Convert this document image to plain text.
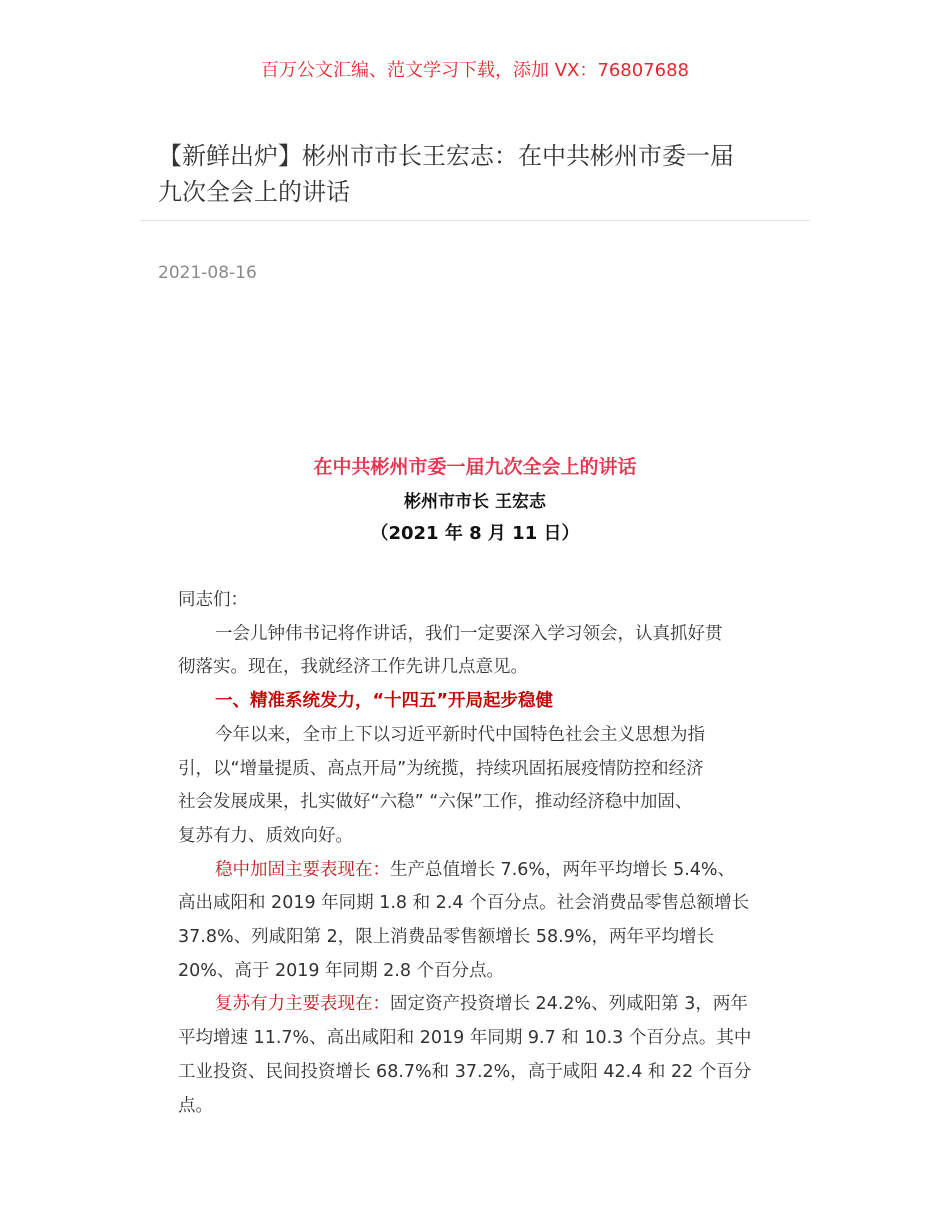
百万公文汇编、范文学习下载，添加 VX：76807688
【新鲜出炉】彬州市市长王宏志：在中共彬州市委一届
九次全会上的讲话
2021-08-16
在中共彬州市委一届九次全会上的讲话
彬州市市长 王宏志
（2021 年 8 月 11 日）
同志们：
一会儿钟伟书记将作讲话，我们一定要深入学习领会，认真抓好贯
彻落实。现在，我就经济工作先讲几点意见。
一、精准系统发力，“十四五”开局起步稳健
今年以来，全市上下以习近平新时代中国特色社会主义思想为指
引，以“增量提质、高点开局”为统揽，持续巩固拓展疫情防控和经济
社会发展成果，扎实做好“六稳” “六保”工作，推动经济稳中加固、
复苏有力、质效向好。
稳中加固主要表现在：生产总值增长 7.6%，两年平均增长 5.4%、
高出咸阳和 2019 年同期 1.8 和 2.4 个百分点。社会消费品零售总额增长
37.8%、列咸阳第 2，限上消费品零售额增长 58.9%，两年平均增长
20%、高于 2019 年同期 2.8 个百分点。
复苏有力主要表现在：固定资产投资增长 24.2%、列咸阳第 3，两年
平均增速 11.7%、高出咸阳和 2019 年同期 9.7 和 10.3 个百分点。其中
工业投资、民间投资增长 68.7%和 37.2%，高于咸阳 42.4 和 22 个百分
点。
